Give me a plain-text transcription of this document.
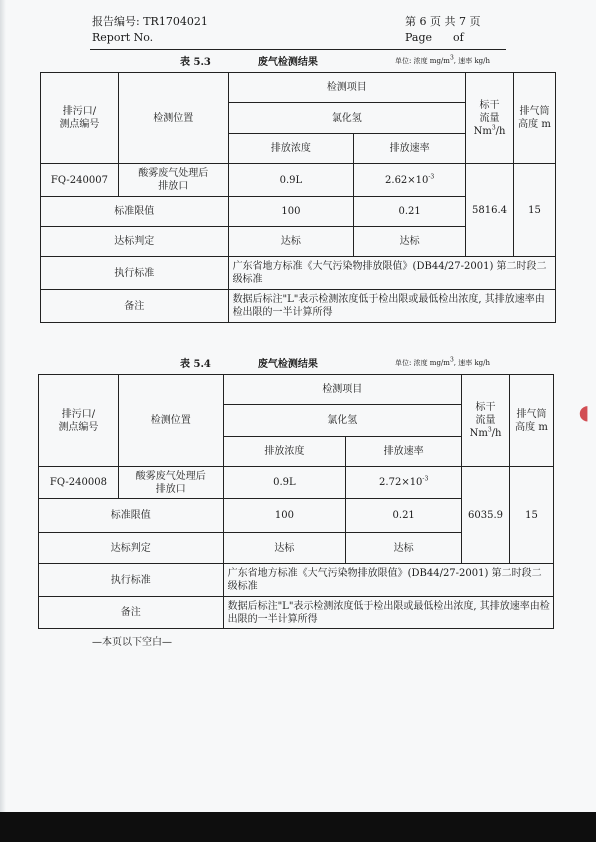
报告编号: TR1704021
Report No.
第 6 页 共 7 页
Page      of
表 5.3	废气检测结果	单位: 浓度 $mg/m^3$, 速率 kg/h
排污口/
测点编号	检测位置	检测项目		标干
流量
Nm$^3$/h	排气筒
高度 m
		氯化氢			
		排放浓度	排放速率		
FQ-240007	酸雾废气处理后
排放口	0.9L	$2.62\times 10^{-3}$	5816.4	15
标准限值		100	0.21		
达标判定		达标	达标		
执行标准		广东省地方标准《大气污染物排放限值》(DB44/27-2001) 第二时段二级标准			
备注		数据后标注"L"表示检测浓度低于检出限或最低检出浓度, 其排放速率由检出限的一半计算所得			
表 5.4	废气检测结果	单位: 浓度 $mg/m^3$, 速率 kg/h
排污口/
测点编号	检测位置	检测项目		标干
流量
Nm$^3$/h	排气筒
高度 m
		氯化氢			
		排放浓度	排放速率		
FQ-240008	酸雾废气处理后
排放口	0.9L	$2.72\times 10^{-3}$	6035.9	15
标准限值		100	0.21		
达标判定		达标	达标		
执行标准		广东省地方标准《大气污染物排放限值》(DB44/27-2001) 第二时段二级标准			
备注		数据后标注"L"表示检测浓度低于检出限或最低检出浓度, 其排放速率由检出限的一半计算所得			
—本页以下空白—
◖
